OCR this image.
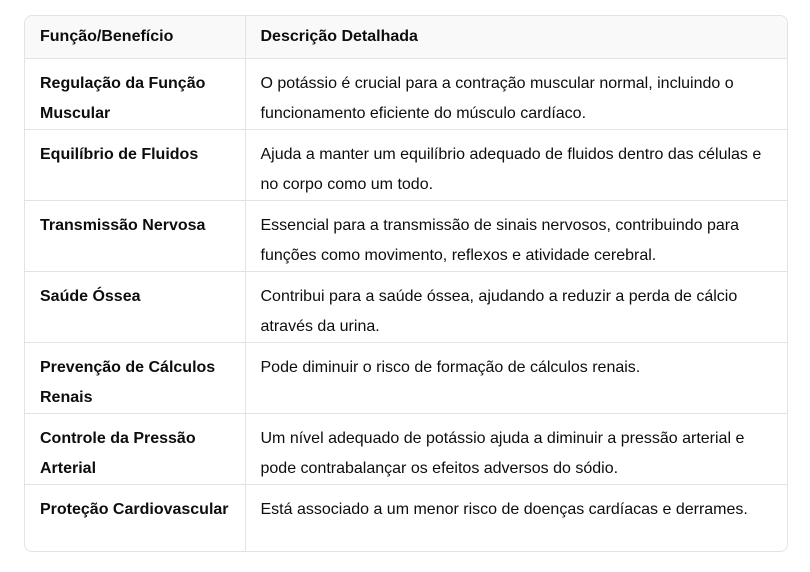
Função/Benefício	Descrição Detalhada
Regulação da Função Muscular	O potássio é crucial para a contração muscular normal, incluindo o funcionamento eficiente do músculo cardíaco.
Equilíbrio de Fluidos	Ajuda a manter um equilíbrio adequado de fluidos dentro das células e no corpo como um todo.
Transmissão Nervosa	Essencial para a transmissão de sinais nervosos, contribuindo para funções como movimento, reflexos e atividade cerebral.
Saúde Óssea	Contribui para a saúde óssea, ajudando a reduzir a perda de cálcio através da urina.
Prevenção de Cálculos Renais	Pode diminuir o risco de formação de cálculos renais.
Controle da Pressão Arterial	Um nível adequado de potássio ajuda a diminuir a pressão arterial e pode contrabalançar os efeitos adversos do sódio.
Proteção Cardiovascular	Está associado a um menor risco de doenças cardíacas e derrames.
